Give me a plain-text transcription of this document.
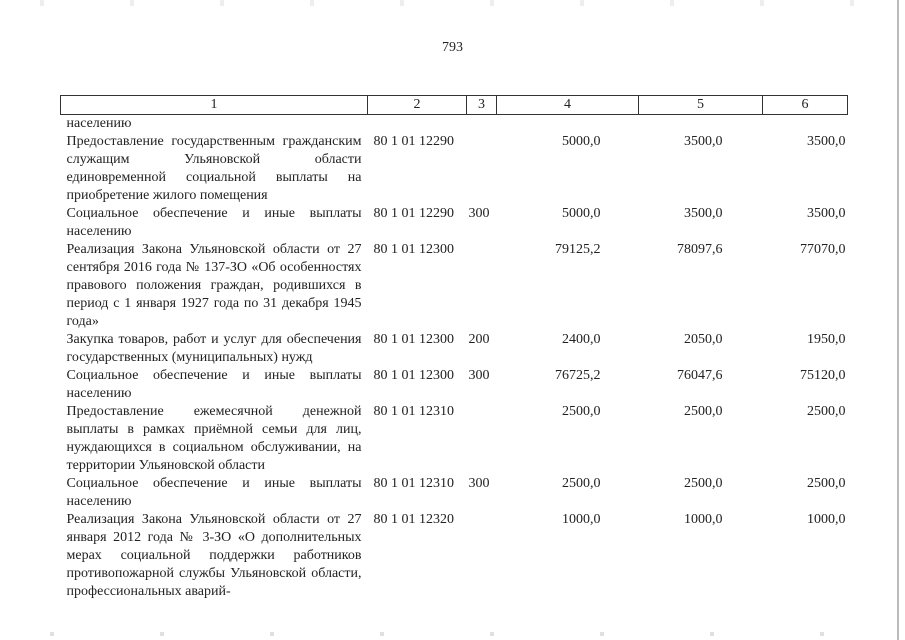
793
1	2	3	4	5	6
населению					
Предоставление государственным гражданским служащим Ульяновской области единовременной социальной выплаты на приобретение жилого помещения	80 1 01 12290		5000,0	3500,0	3500,0
Социальное обеспечение и иные выплаты населению	80 1 01 12290	300	5000,0	3500,0	3500,0
Реализация Закона Ульяновской области от 27 сентября 2016 года № 137-ЗО «Об особенностях правового положения граждан, родившихся в период с 1 января 1927 года по 31 декабря 1945 года»	80 1 01 12300		79125,2	78097,6	77070,0
Закупка товаров, работ и услуг для обеспечения государственных (муниципальных) нужд	80 1 01 12300	200	2400,0	2050,0	1950,0
Социальное обеспечение и иные выплаты населению	80 1 01 12300	300	76725,2	76047,6	75120,0
Предоставление ежемесячной денежной выплаты в рамках приёмной семьи для лиц, нуждающихся в социальном обслуживании, на территории Ульяновской области	80 1 01 12310		2500,0	2500,0	2500,0
Социальное обеспечение и иные выплаты населению	80 1 01 12310	300	2500,0	2500,0	2500,0
Реализация Закона Ульяновской области от 27 января 2012 года № 3-ЗО «О дополнительных мерах социальной поддержки работников противопожарной службы Ульяновской области, профессиональных аварий-	80 1 01 12320		1000,0	1000,0	1000,0
